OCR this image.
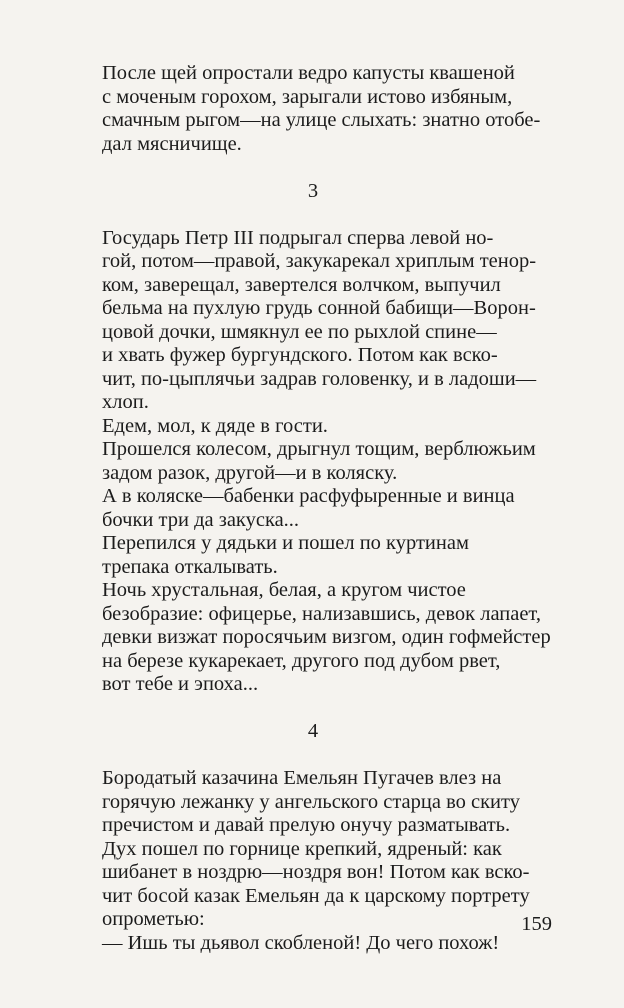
После щей опростали ведро капусты квашеной
с моченым горохом, зарыгали истово избяным,
смачным рыгом—на улице слыхать: знатно отобе-
дал мясничище.

3

Государь Петр III подрыгал сперва левой но-
гой, потом—правой, закукарекал хриплым тенор-
ком, заверещал, завертелся волчком, выпучил
бельма на пухлую грудь сонной бабищи—Ворон-
цовой дочки, шмякнул ее по рыхлой спине—
и хвать фужер бургундского. Потом как вско-
чит, по-цыплячьи задрав головенку, и в ладоши—
хлоп.

Едем, мол, к дяде в гости.

Прошелся колесом, дрыгнул тощим, верблюжьим
задом разок, другой—и в коляску.

А в коляске—бабенки расфуфыренные и винца
бочки три да закуска...

Перепился у дядьки и пошел по куртинам
трепака откалывать.

Ночь хрустальная, белая, а кругом чистое
безобразие: офицерье, нализавшись, девок лапает,
девки визжат поросячьим визгом, один гофмейстер
на березе кукарекает, другого под дубом рвет,
вот тебе и эпоха...

4

Бородатый казачина Емельян Пугачев влез на
горячую лежанку у ангельского старца во скиту
пречистом и давай прелую онучу разматывать.
Дух пошел по горнице крепкий, ядреный: как
шибанет в ноздрю—ноздря вон! Потом как вско-
чит босой казак Емельян да к царскому портрету
опрометью:

— Ишь ты дьявол скобленой! До чего похож!

159
